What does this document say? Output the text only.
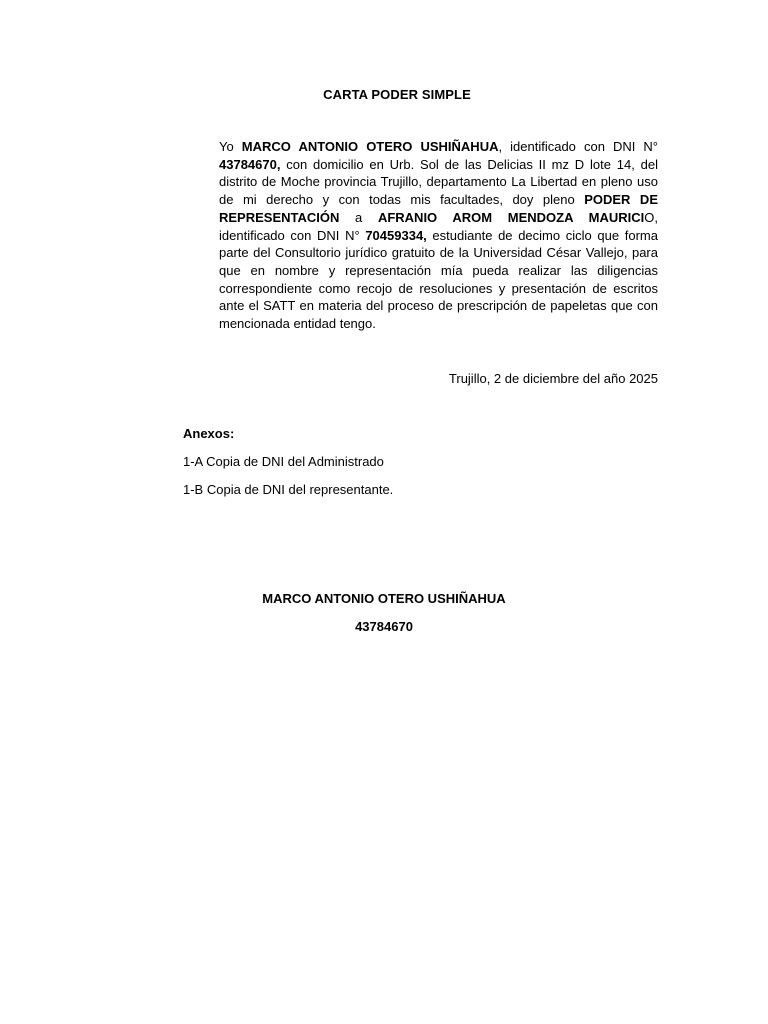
CARTA PODER SIMPLE
Yo MARCO ANTONIO OTERO USHIÑAHUA, identificado con DNI N° 43784670, con domicilio en Urb. Sol de las Delicias II mz D lote 14, del distrito de Moche provincia Trujillo, departamento La Libertad en pleno uso de mi derecho y con todas mis facultades, doy pleno PODER DE REPRESENTACIÓN a AFRANIO AROM MENDOZA MAURICIO, identificado con DNI N° 70459334, estudiante de decimo ciclo que forma parte del Consultorio jurídico gratuito de la Universidad César Vallejo, para que en nombre y representación mía pueda realizar las diligencias correspondiente como recojo de resoluciones y presentación de escritos ante el SATT en materia del proceso de prescripción de papeletas que con mencionada entidad tengo.
Trujillo, 2 de diciembre del año 2025
Anexos:
1-A Copia de DNI del Administrado
1-B Copia de DNI del representante.
MARCO ANTONIO OTERO USHIÑAHUA
43784670
